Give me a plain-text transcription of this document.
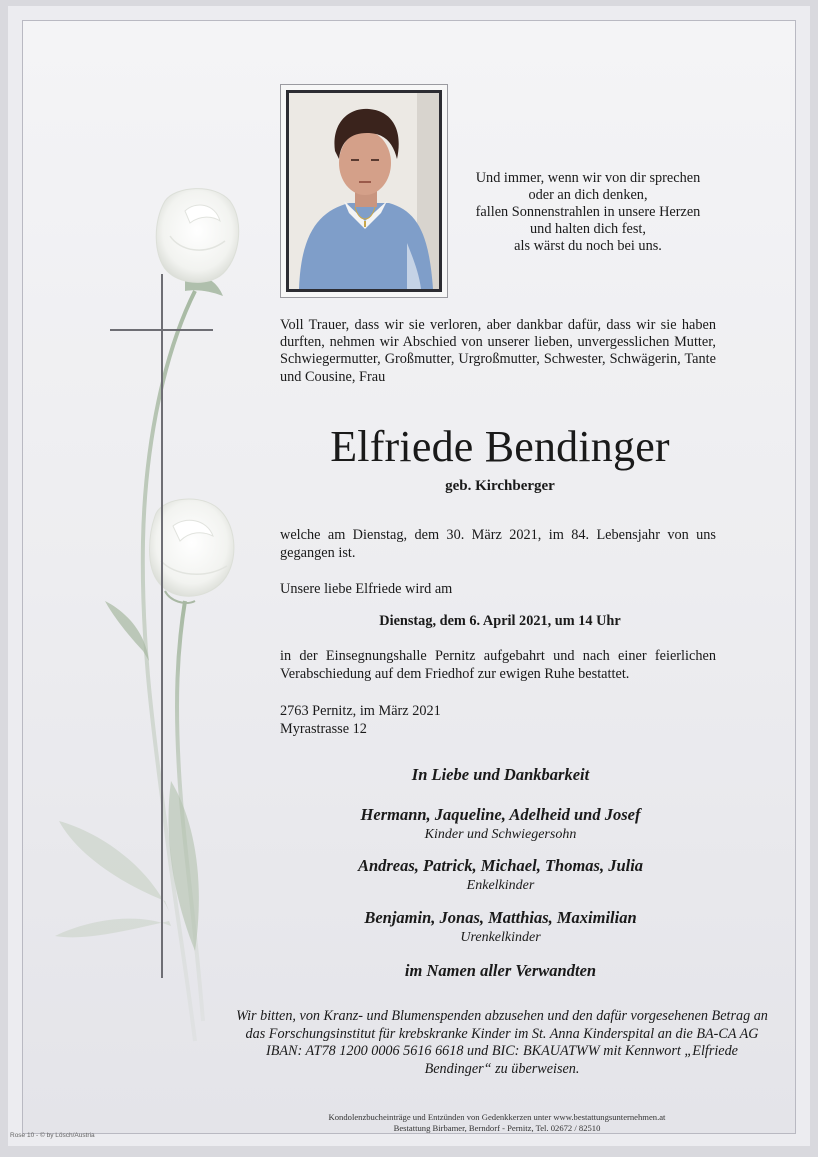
Und immer, wenn wir von dir sprechen
oder an dich denken,
fallen Sonnenstrahlen in unsere Herzen
und halten dich fest,
als wärst du noch bei uns.

Voll Trauer, dass wir sie verloren, aber dankbar dafür, dass wir sie haben durften, nehmen wir Abschied von unserer lieben, unvergesslichen Mutter, Schwiegermutter, Großmutter, Urgroßmutter, Schwester, Schwägerin, Tante und Cousine, Frau

Elfriede Bendinger

geb. Kirchberger

welche am Dienstag, dem 30. März 2021, im 84. Lebensjahr von uns gegangen ist.

Unsere liebe Elfriede wird am

Dienstag, dem 6. April 2021, um 14 Uhr

in der Einsegnungshalle Pernitz aufgebahrt und nach einer feierlichen Verabschiedung auf dem Friedhof zur ewigen Ruhe bestattet.

2763 Pernitz, im März 2021
Myrastrasse 12

In Liebe und Dankbarkeit

Hermann, Jaqueline, Adelheid und Josef
Kinder und Schwiegersohn
Andreas, Patrick, Michael, Thomas, Julia
Enkelkinder
Benjamin, Jonas, Matthias, Maximilian
Urenkelkinder

im Namen aller Verwandten

Wir bitten, von Kranz- und Blumenspenden abzusehen und den dafür vorgesehenen Betrag an das Forschungsinstitut für krebskranke Kinder im St. Anna Kinderspital an die BA-CA AG IBAN: AT78 1200 0006 5616 6618 und BIC: BKAUATWW mit Kennwort „Elfriede Bendinger“ zu überweisen.

Kondolenzbucheinträge und Entzünden von Gedenkkerzen unter www.bestattungsunternehmen.at
Bestattung Birbamer, Berndorf - Pernitz, Tel. 02672 / 82510
Rose 10 - © by Lösch/Austria
